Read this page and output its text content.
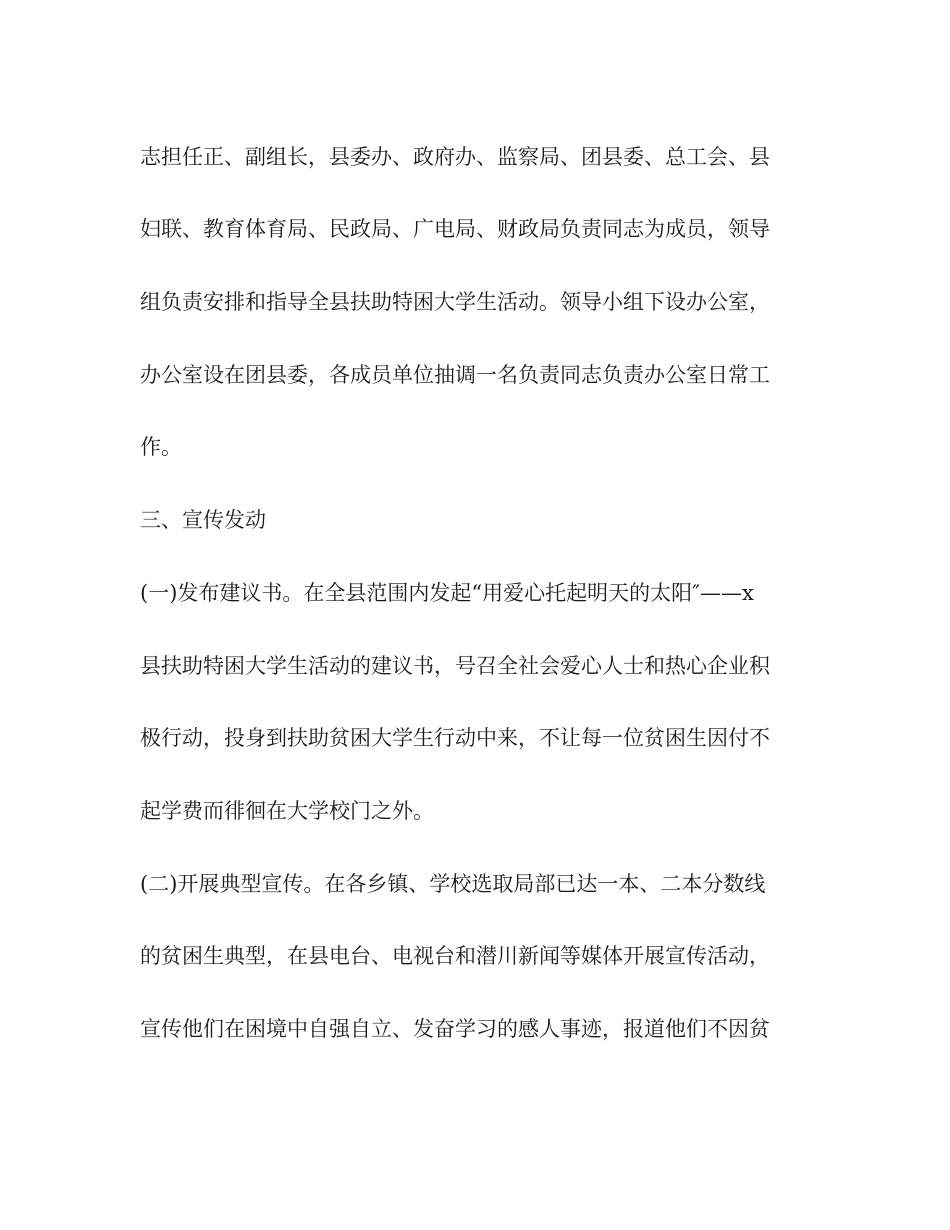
志担任正、副组长，县委办、政府办、监察局、团县委、总工会、县
妇联、教育体育局、民政局、广电局、财政局负责同志为成员，领导
组负责安排和指导全县扶助特困大学生活动。领导小组下设办公室，
办公室设在团县委，各成员单位抽调一名负责同志负责办公室日常工
作。
三、宣传发动
(一)发布建议书。在全县范围内发起“用爱心托起明天的太阳″——x
县扶助特困大学生活动的建议书，号召全社会爱心人士和热心企业积
极行动，投身到扶助贫困大学生行动中来，不让每一位贫困生因付不
起学费而徘徊在大学校门之外。
(二)开展典型宣传。在各乡镇、学校选取局部已达一本、二本分数线
的贫困生典型，在县电台、电视台和潜川新闻等媒体开展宣传活动，
宣传他们在困境中自强自立、发奋学习的感人事迹，报道他们不因贫
